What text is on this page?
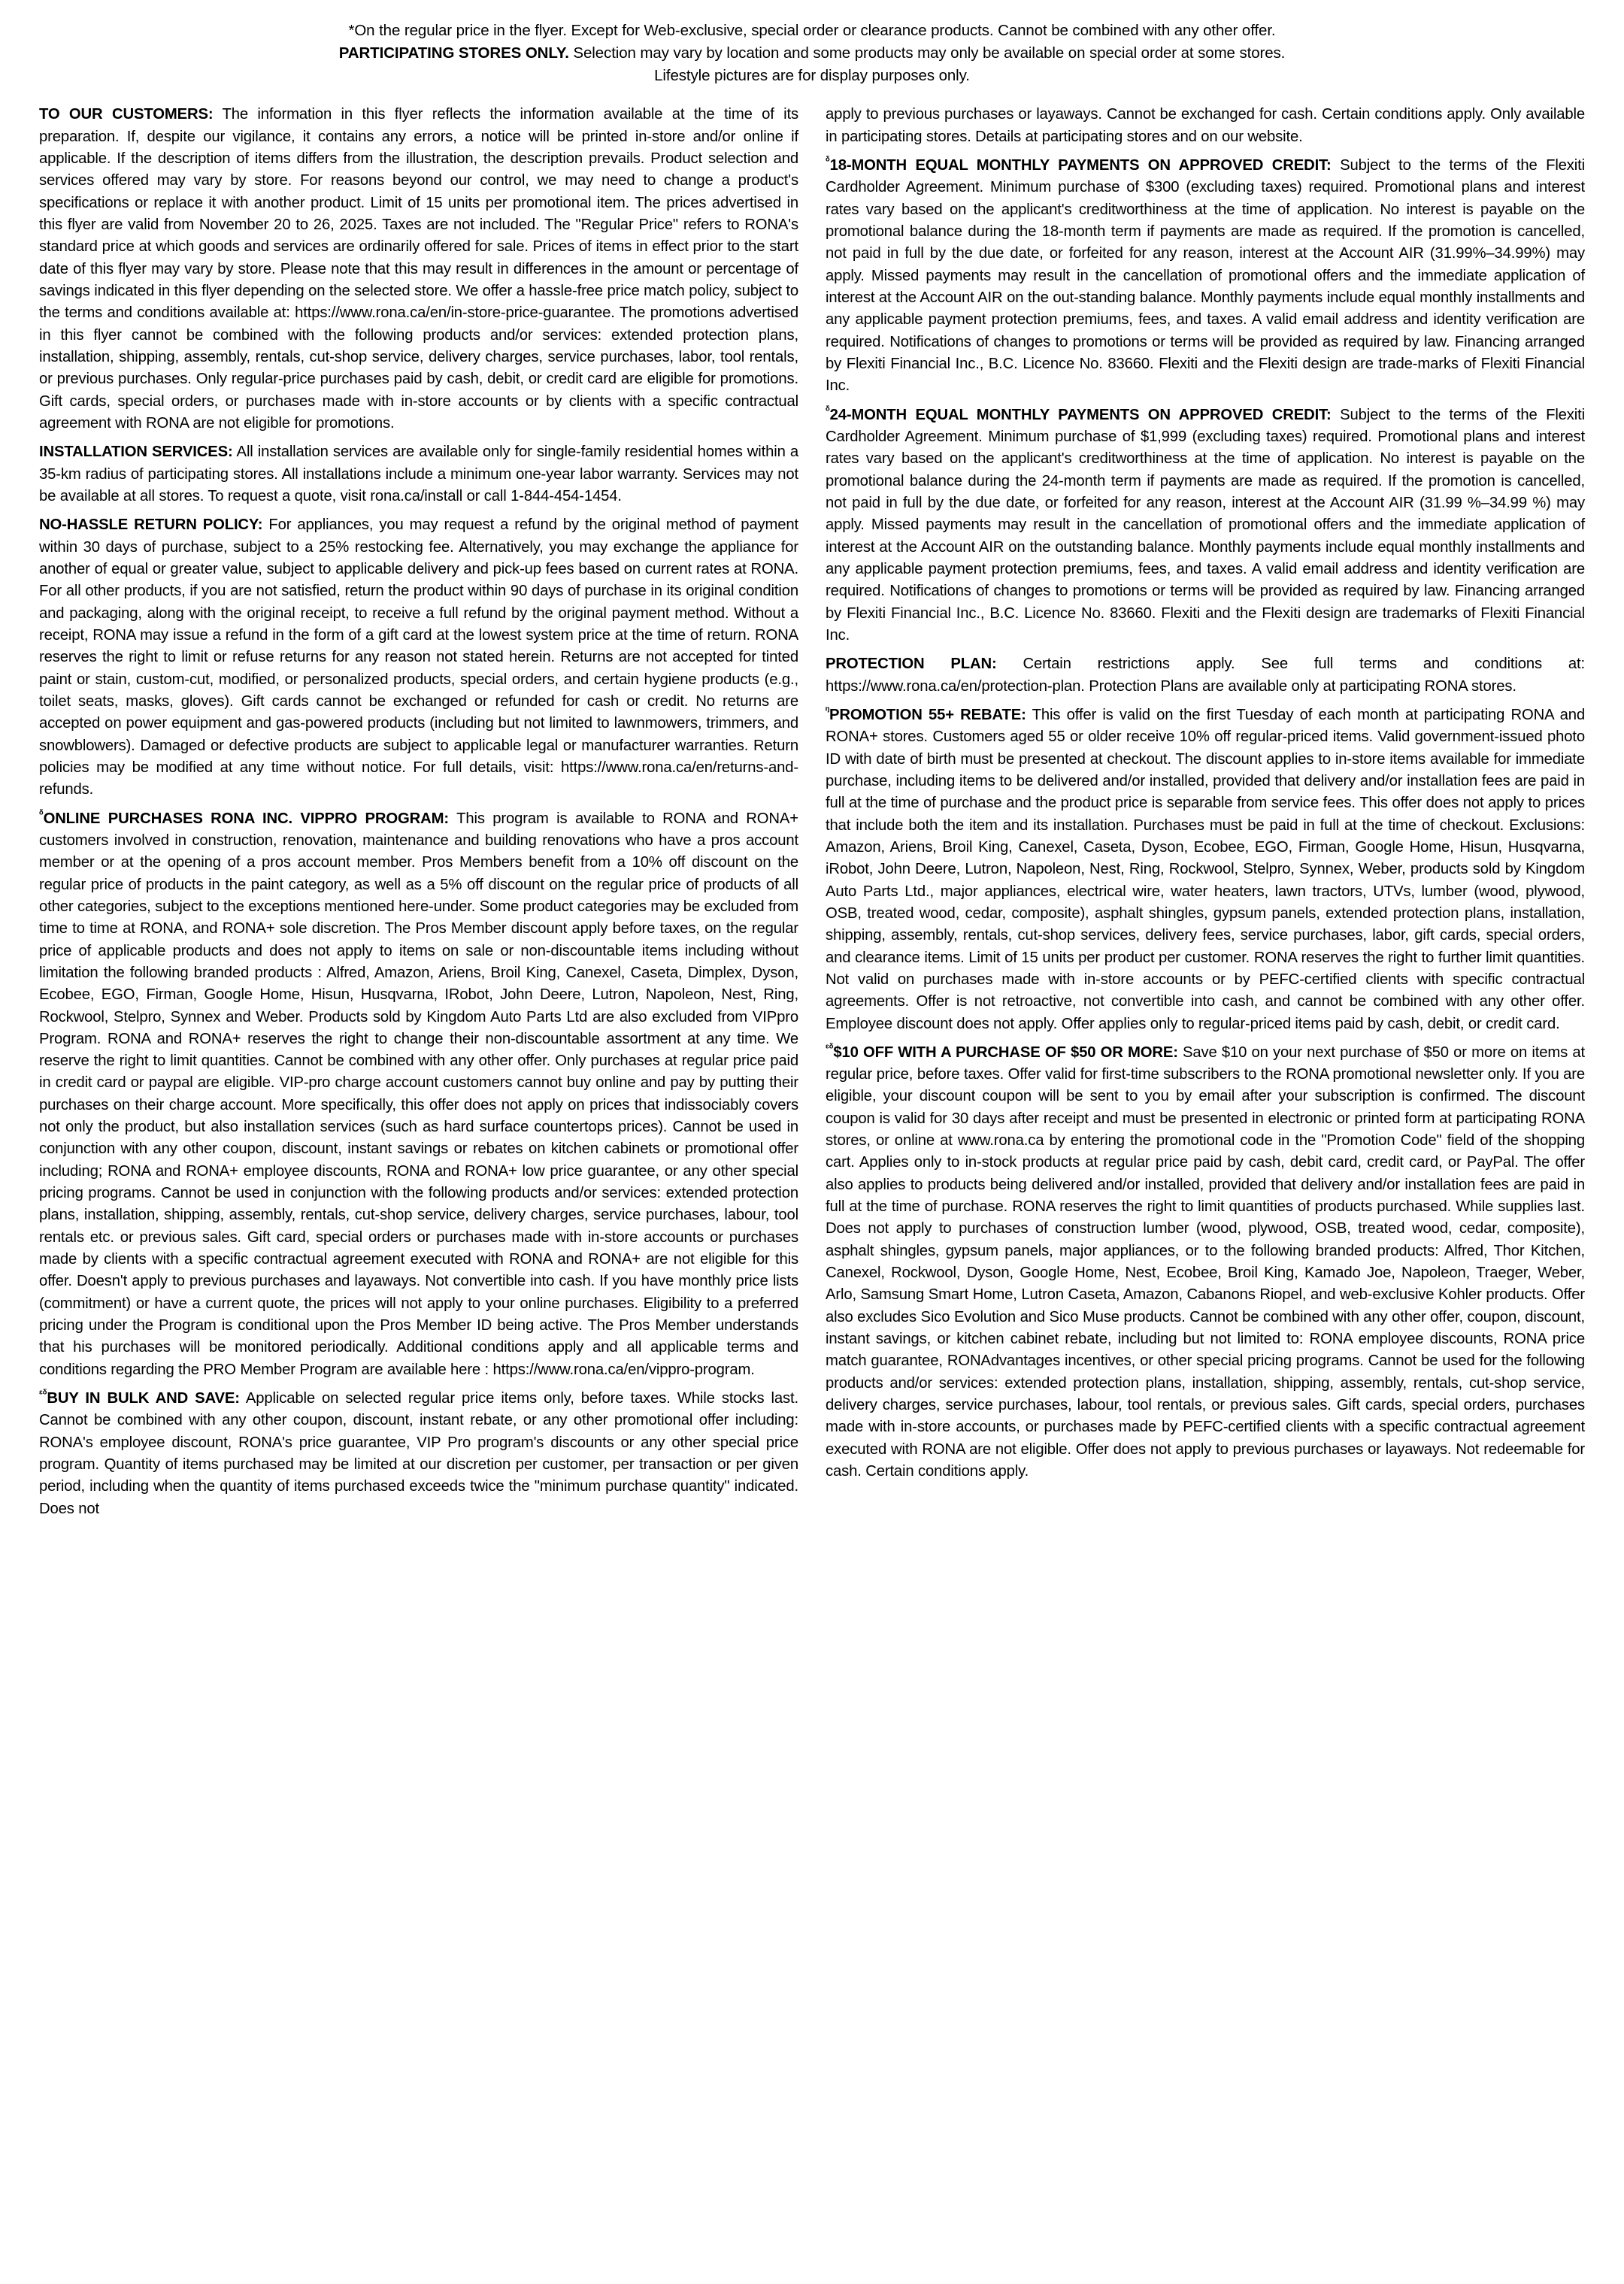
*On the regular price in the flyer. Except for Web-exclusive, special order or clearance products. Cannot be combined with any other offer.
PARTICIPATING STORES ONLY. Selection may vary by location and some products may only be available on special order at some stores.
Lifestyle pictures are for display purposes only.

TO OUR CUSTOMERS: The information in this flyer reflects the information available at the time of its preparation. If, despite our vigilance, it contains any errors, a notice will be printed in-store and/or online if applicable. If the description of items differs from the illustration, the description prevails. Product selection and services offered may vary by store. For reasons beyond our control, we may need to change a product's specifications or replace it with another product. Limit of 15 units per promotional item. The prices advertised in this flyer are valid from November 20 to 26, 2025. Taxes are not included. The "Regular Price" refers to RONA's standard price at which goods and services are ordinarily offered for sale. Prices of items in effect prior to the start date of this flyer may vary by store. Please note that this may result in differences in the amount or percentage of savings indicated in this flyer depending on the selected store. We offer a hassle-free price match policy, subject to the terms and conditions available at: https://www.rona.ca/en/in-store-price-guarantee. The promotions advertised in this flyer cannot be combined with the following products and/or services: extended protection plans, installation, shipping, assembly, rentals, cut-shop service, delivery charges, service purchases, labor, tool rentals, or previous purchases. Only regular-price purchases paid by cash, debit, or credit card are eligible for promotions. Gift cards, special orders, or purchases made with in-store accounts or by clients with a specific contractual agreement with RONA are not eligible for promotions.

INSTALLATION SERVICES: All installation services are available only for single-family residential homes within a 35-km radius of participating stores. All installations include a minimum one-year labor warranty. Services may not be available at all stores. To request a quote, visit rona.ca/install or call 1-844-454-1454.

NO-HASSLE RETURN POLICY: For appliances, you may request a refund by the original method of payment within 30 days of purchase, subject to a 25% restocking fee. Alternatively, you may exchange the appliance for another of equal or greater value, subject to applicable delivery and pick-up fees based on current rates at RONA. For all other products, if you are not satisfied, return the product within 90 days of purchase in its original condition and packaging, along with the original receipt, to receive a full refund by the original payment method. Without a receipt, RONA may issue a refund in the form of a gift card at the lowest system price at the time of return. RONA reserves the right to limit or refuse returns for any reason not stated herein. Returns are not accepted for tinted paint or stain, custom-cut, modified, or personalized products, special orders, and certain hygiene products (e.g., toilet seats, masks, gloves). Gift cards cannot be exchanged or refunded for cash or credit. No returns are accepted on power equipment and gas-powered products (including but not limited to lawnmowers, trimmers, and snowblowers). Damaged or defective products are subject to applicable legal or manufacturer warranties. Return policies may be modified at any time without notice. For full details, visit: https://www.rona.ca/en/returns-and-refunds.

$^ᵟ$ONLINE PURCHASES RONA INC. VIPPRO PROGRAM: This program is available to RONA and RONA+ customers involved in construction, renovation, maintenance and building renovations who have a pros account member or at the opening of a pros account member. Pros Members benefit from a 10% off discount on the regular price of products in the paint category, as well as a 5% off discount on the regular price of products of all other categories, subject to the exceptions mentioned here-under. Some product categories may be excluded from time to time at RONA, and RONA+ sole discretion. The Pros Member discount apply before taxes, on the regular price of applicable products and does not apply to items on sale or non-discountable items including without limitation the following branded products : Alfred, Amazon, Ariens, Broil King, Canexel, Caseta, Dimplex, Dyson, Ecobee, EGO, Firman, Google Home, Hisun, Husqvarna, IRobot, John Deere, Lutron, Napoleon, Nest, Ring, Rockwool, Stelpro, Synnex and Weber. Products sold by Kingdom Auto Parts Ltd are also excluded from VIPpro Program. RONA and RONA+ reserves the right to change their non-discountable assortment at any time. We reserve the right to limit quantities. Cannot be combined with any other offer. Only purchases at regular price paid in credit card or paypal are eligible. VIP-pro charge account customers cannot buy online and pay by putting their purchases on their charge account. More specifically, this offer does not apply on prices that indissociably covers not only the product, but also installation services (such as hard surface countertops prices). Cannot be used in conjunction with any other coupon, discount, instant savings or rebates on kitchen cabinets or promotional offer including; RONA and RONA+ employee discounts, RONA and RONA+ low price guarantee, or any other special pricing programs. Cannot be used in conjunction with the following products and/or services: extended protection plans, installation, shipping, assembly, rentals, cut-shop service, delivery charges, service purchases, labour, tool rentals etc. or previous sales. Gift card, special orders or purchases made with in-store accounts or purchases made by clients with a specific contractual agreement executed with RONA and RONA+ are not eligible for this offer. Doesn't apply to previous purchases and layaways. Not convertible into cash. If you have monthly price lists (commitment) or have a current quote, the prices will not apply to your online purchases. Eligibility to a preferred pricing under the Program is conditional upon the Pros Member ID being active. The Pros Member understands that his purchases will be monitored periodically. Additional conditions apply and all applicable terms and conditions regarding the PRO Member Program are available here : https://www.rona.ca/en/vippro-program.

$^{ᵋᵟ}$BUY IN BULK AND SAVE: Applicable on selected regular price items only, before taxes. While stocks last. Cannot be combined with any other coupon, discount, instant rebate, or any other promotional offer including: RONA's employee discount, RONA's price guarantee, VIP Pro program's discounts or any other special price program. Quantity of items purchased may be limited at our discretion per customer, per transaction or per given period, including when the quantity of items purchased exceeds twice the "minimum purchase quantity" indicated. Does not

apply to previous purchases or layaways. Cannot be exchanged for cash. Certain conditions apply. Only available in participating stores. Details at participating stores and on our website.

$^ᵟ$18-MONTH EQUAL MONTHLY PAYMENTS ON APPROVED CREDIT: Subject to the terms of the Flexiti Cardholder Agreement. Minimum purchase of $300 (excluding taxes) required. Promotional plans and interest rates vary based on the applicant's creditworthiness at the time of application. No interest is payable on the promotional balance during the 18-month term if payments are made as required. If the promotion is cancelled, not paid in full by the due date, or forfeited for any reason, interest at the Account AIR (31.99%–34.99%) may apply. Missed payments may result in the cancellation of promotional offers and the immediate application of interest at the Account AIR on the out-standing balance. Monthly payments include equal monthly installments and any applicable payment protection premiums, fees, and taxes. A valid email address and identity verification are required. Notifications of changes to promotions or terms will be provided as required by law. Financing arranged by Flexiti Financial Inc., B.C. Licence No. 83660. Flexiti and the Flexiti design are trade-marks of Flexiti Financial Inc.

$^ᵟ$24-MONTH EQUAL MONTHLY PAYMENTS ON APPROVED CREDIT: Subject to the terms of the Flexiti Cardholder Agreement. Minimum purchase of $1,999 (excluding taxes) required. Promotional plans and interest rates vary based on the applicant's creditworthiness at the time of application. No interest is payable on the promotional balance during the 24-month term if payments are made as required. If the promotion is cancelled, not paid in full by the due date, or forfeited for any reason, interest at the Account AIR (31.99 %–34.99 %) may apply. Missed payments may result in the cancellation of promotional offers and the immediate application of interest at the Account AIR on the outstanding balance. Monthly payments include equal monthly installments and any applicable payment protection premiums, fees, and taxes. A valid email address and identity verification are required. Notifications of changes to promotions or terms will be provided as required by law. Financing arranged by Flexiti Financial Inc., B.C. Licence No. 83660. Flexiti and the Flexiti design are trademarks of Flexiti Financial Inc.

PROTECTION PLAN: Certain restrictions apply. See full terms and conditions at: https://www.rona.ca/en/protection-plan. Protection Plans are available only at participating RONA stores.

$^ᵑ$PROMOTION 55+ REBATE: This offer is valid on the first Tuesday of each month at participating RONA and RONA+ stores. Customers aged 55 or older receive 10% off regular-priced items. Valid government-issued photo ID with date of birth must be presented at checkout. The discount applies to in-store items available for immediate purchase, including items to be delivered and/or installed, provided that delivery and/or installation fees are paid in full at the time of purchase and the product price is separable from service fees. This offer does not apply to prices that include both the item and its installation. Purchases must be paid in full at the time of checkout. Exclusions: Amazon, Ariens, Broil King, Canexel, Caseta, Dyson, Ecobee, EGO, Firman, Google Home, Hisun, Husqvarna, iRobot, John Deere, Lutron, Napoleon, Nest, Ring, Rockwool, Stelpro, Synnex, Weber, products sold by Kingdom Auto Parts Ltd., major appliances, electrical wire, water heaters, lawn tractors, UTVs, lumber (wood, plywood, OSB, treated wood, cedar, composite), asphalt shingles, gypsum panels, extended protection plans, installation, shipping, assembly, rentals, cut-shop services, delivery fees, service purchases, labor, gift cards, special orders, and clearance items. Limit of 15 units per product per customer. RONA reserves the right to further limit quantities. Not valid on purchases made with in-store accounts or by PEFC-certified clients with specific contractual agreements. Offer is not retroactive, not convertible into cash, and cannot be combined with any other offer. Employee discount does not apply. Offer applies only to regular-priced items paid by cash, debit, or credit card.

$^{ᵋᵟ}$\$10 OFF WITH A PURCHASE OF $50 OR MORE: Save $10 on your next purchase of $50 or more on items at regular price, before taxes. Offer valid for first-time subscribers to the RONA promotional newsletter only. If you are eligible, your discount coupon will be sent to you by email after your subscription is confirmed. The discount coupon is valid for 30 days after receipt and must be presented in electronic or printed form at participating RONA stores, or online at www.rona.ca by entering the promotional code in the "Promotion Code" field of the shopping cart. Applies only to in-stock products at regular price paid by cash, debit card, credit card, or PayPal. The offer also applies to products being delivered and/or installed, provided that delivery and/or installation fees are paid in full at the time of purchase. RONA reserves the right to limit quantities of products purchased. While supplies last. Does not apply to purchases of construction lumber (wood, plywood, OSB, treated wood, cedar, composite), asphalt shingles, gypsum panels, major appliances, or to the following branded products: Alfred, Thor Kitchen, Canexel, Rockwool, Dyson, Google Home, Nest, Ecobee, Broil King, Kamado Joe, Napoleon, Traeger, Weber, Arlo, Samsung Smart Home, Lutron Caseta, Amazon, Cabanons Riopel, and web-exclusive Kohler products. Offer also excludes Sico Evolution and Sico Muse products. Cannot be combined with any other offer, coupon, discount, instant savings, or kitchen cabinet rebate, including but not limited to: RONA employee discounts, RONA price match guarantee, RONAdvantages incentives, or other special pricing programs. Cannot be used for the following products and/or services: extended protection plans, installation, shipping, assembly, rentals, cut-shop service, delivery charges, service purchases, labour, tool rentals, or previous sales. Gift cards, special orders, purchases made with in-store accounts, or purchases made by PEFC-certified clients with a specific contractual agreement executed with RONA are not eligible. Offer does not apply to previous purchases or layaways. Not redeemable for cash. Certain conditions apply.
